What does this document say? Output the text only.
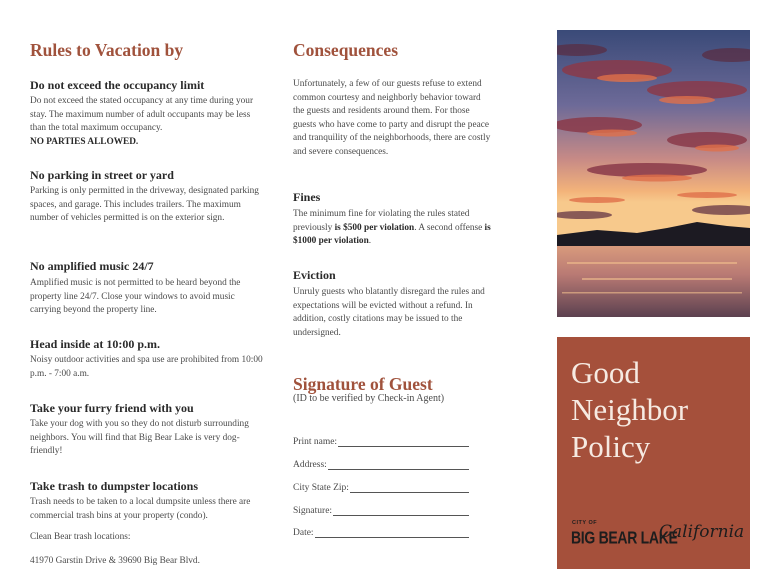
Rules to Vacation by
Do not exceed the occupancy limit
Do not exceed the stated occupancy at any time during your stay. The maximum number of adult occupants may be less than the total maximum occupancy.
NO PARTIES ALLOWED.
No parking in street or yard
Parking is only permitted in the driveway, designated parking spaces, and garage. This includes trailers. The maximum number of vehicles permitted is on the exterior sign.
No amplified music 24/7
Amplified music is not permitted to be heard beyond the property line 24/7. Close your windows to avoid music carrying beyond the property line.
Head inside at 10:00 p.m.
Noisy outdoor activities and spa use are prohibited from 10:00 p.m. - 7:00 a.m.
Take your furry friend with you
Take your dog with you so they do not disturb surrounding neighbors. You will find that Big Bear Lake is very dog-friendly!
Take trash to dumpster locations
Trash needs to be taken to a local dumpsite unless there are commercial trash bins at your property (condo).
Clean Bear trash locations:
41970 Garstin Drive & 39690 Big Bear Blvd.
Consequences
Unfortunately, a few of our guests refuse to extend common courtesy and neighborly behavior toward the guests and residents around them. For those guests who have come to party and disrupt the peace and tranquility of the neighborhoods, there are costly and severe consequences.
Fines
The minimum fine for violating the rules stated previously is $500 per violation. A second offense is $1000 per violation.
Eviction
Unruly guests who blatantly disregard the rules and expectations will be evicted without a refund. In addition, costly citations may be issued to the undersigned.
Signature of Guest
(ID to be verified by Check-in Agent)
Print name:
Address:
City State Zip:
Signature:
Date:
Good
Neighbor
Policy
CITY OF
BIG BEAR LAKE
California
